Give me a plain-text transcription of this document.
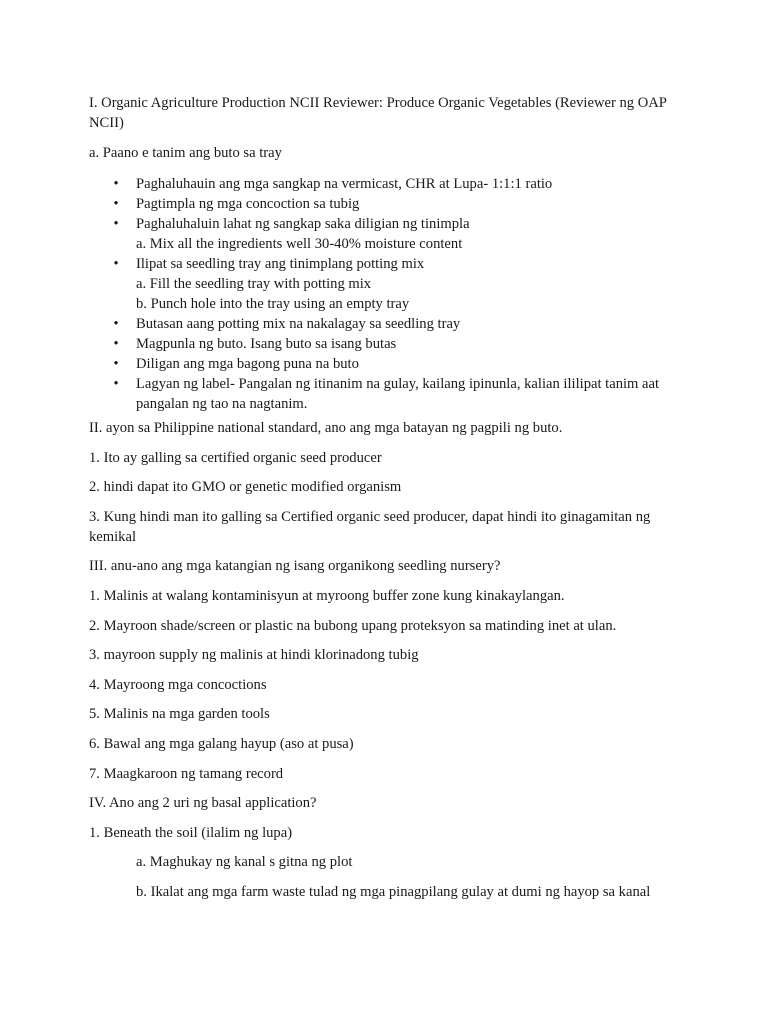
I. Organic Agriculture Production NCII Reviewer: Produce Organic Vegetables (Reviewer ng OAP NCII)

a. Paano e tanim ang buto sa tray

• Paghaluhauin ang mga sangkap na vermicast, CHR at Lupa- 1:1:1 ratio
• Pagtimpla ng mga concoction sa tubig
• Paghaluhaluin lahat ng sangkap saka diligian ng tinimpla
a. Mix all the ingredients well 30-40% moisture content
• Ilipat sa seedling tray ang tinimplang potting mix
a. Fill the seedling tray with potting mix
b. Punch hole into the tray using an empty tray
• Butasan aang potting mix na nakalagay sa seedling tray
• Magpunla ng buto. Isang buto sa isang butas
• Diligan ang mga bagong puna na buto
• Lagyan ng label- Pangalan ng itinanim na gulay, kailang ipinunla, kalian ililipat tanim aat pangalan ng tao na nagtanim.

II. ayon sa Philippine national standard, ano ang mga batayan ng pagpili ng buto.

1. Ito ay galling sa certified organic seed producer

2. hindi dapat ito GMO or genetic modified organism

3. Kung hindi man ito galling sa Certified organic seed producer, dapat hindi ito ginagamitan ng kemikal

III. anu-ano ang mga katangian ng isang organikong seedling nursery?

1. Malinis at walang kontaminisyun at myroong buffer zone kung kinakaylangan.

2. Mayroon shade/screen or plastic na bubong upang proteksyon sa matinding inet at ulan.

3. mayroon supply ng malinis at hindi klorinadong tubig

4. Mayroong mga concoctions

5. Malinis na mga garden tools

6. Bawal ang mga galang hayup (aso at pusa)

7. Maagkaroon ng tamang record

IV. Ano ang 2 uri ng basal application?

1. Beneath the soil (ilalim ng lupa)

a. Maghukay ng kanal s gitna ng plot

b. Ikalat ang mga farm waste tulad ng mga pinagpilang gulay at dumi ng hayop sa kanal
